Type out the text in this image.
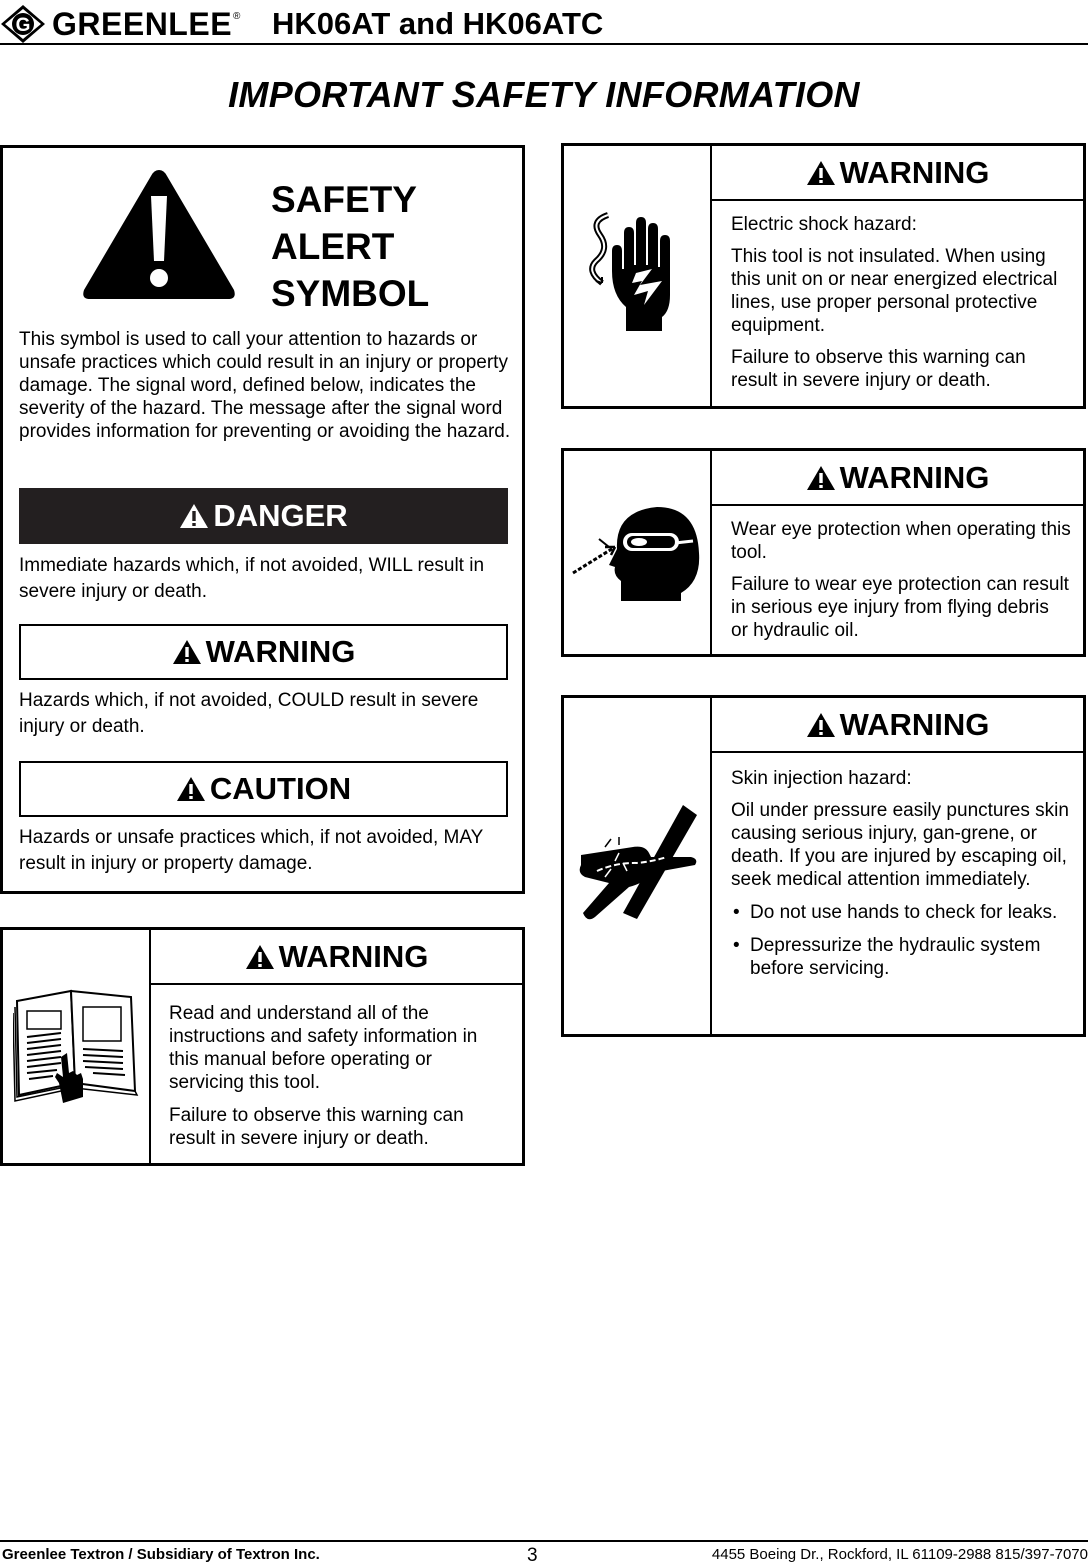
G GREENLEE ® HK06AT and HK06ATC
IMPORTANT SAFETY INFORMATION
SAFETY
ALERT
SYMBOL

This symbol is used to call your attention to hazards or unsafe practices which could result in an injury or property damage. The signal word, defined below, indicates the severity of the hazard. The message after the signal word provides information for preventing or avoiding the hazard.

DANGER

Immediate hazards which, if not avoided, WILL result in severe injury or death.

WARNING

Hazards which, if not avoided, COULD result in severe injury or death.

CAUTION

Hazards or unsafe practices which, if not avoided, MAY result in injury or property damage.

WARNING

Read and understand all of the instructions and safety information in this manual before operating or servicing this tool.

Failure to observe this warning can result in severe injury or death.

WARNING

Electric shock hazard:

This tool is not insulated. When using this unit on or near energized electrical lines, use proper personal protective equipment.

Failure to observe this warning can result in severe injury or death.

WARNING

Wear eye protection when operating this tool.

Failure to wear eye protection can result in serious eye injury from flying debris or hydraulic oil.

WARNING

Skin injection hazard:

Oil under pressure easily punctures skin causing serious injury, gan-grene, or death. If you are injured by escaping oil, seek medical attention immediately.

• Do not use hands to check for leaks.
• Depressurize the hydraulic system before servicing.
Greenlee Textron / Subsidiary of Textron Inc.	3	4455 Boeing Dr., Rockford, IL 61109-2988 815/397-7070
